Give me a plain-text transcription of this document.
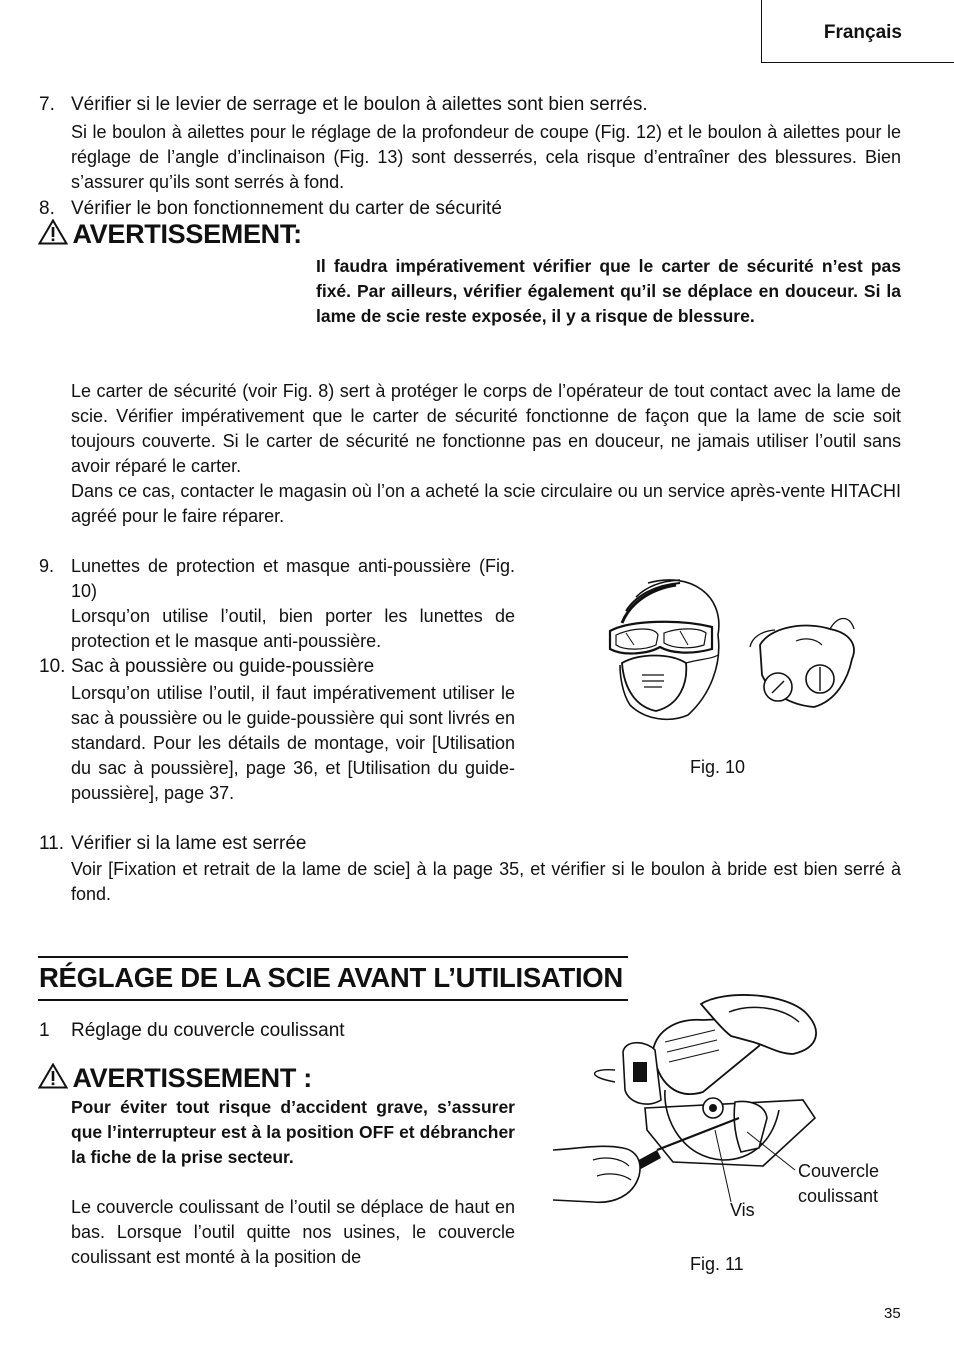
Français
7. Vérifier si le levier de serrage et le boulon à ailettes sont bien serrés.
Si le boulon à ailettes pour le réglage de la profondeur de coupe (Fig. 12) et le boulon à ailettes pour le réglage de l’angle d’inclinaison (Fig. 13) sont desserrés, cela risque d’entraîner des blessures. Bien s’assurer qu’ils sont serrés à fond.
8. Vérifier le bon fonctionnement du carter de sécurité
AVERTISSEMENT:
Il faudra impérativement vérifier que le carter de sécurité n’est pas fixé. Par ailleurs, vérifier également qu’il se déplace en douceur. Si la lame de scie reste exposée, il y a risque de blessure.
Le carter de sécurité (voir Fig. 8) sert à protéger le corps de l’opérateur de tout contact avec la lame de scie. Vérifier impérativement que le carter de sécurité fonctionne de façon que la lame de scie soit toujours couverte. Si le carter de sécurité ne fonctionne pas en douceur, ne jamais utiliser l’outil sans avoir réparé le carter.
Dans ce cas, contacter le magasin où l’on a acheté la scie circulaire ou un service après-vente HITACHI agréé pour le faire réparer.
9. Lunettes de protection et masque anti-poussière (Fig. 10)
Lorsqu’on utilise l’outil, bien porter les lunettes de protection et le masque anti-poussière.
10. Sac à poussière ou guide-poussière
Lorsqu’on utilise l’outil, il faut impérativement utiliser le sac à poussière ou le guide-poussière qui sont livrés en standard. Pour les détails de montage, voir [Utilisation du sac à poussière], page 36, et [Utilisation du guide-poussière], page 37.
11. Vérifier si la lame est serrée
Voir [Fixation et retrait de la lame de scie] à la page 35, et vérifier si le boulon à bride est bien serré à fond.
Fig. 10
RÉGLAGE DE LA SCIE AVANT L’UTILISATION
1 Réglage du couvercle coulissant
AVERTISSEMENT :
Pour éviter tout risque d’accident grave, s’assurer que l’interrupteur est à la position OFF et débrancher la fiche de la prise secteur.
Le couvercle coulissant de l’outil se déplace de haut en bas. Lorsque l’outil quitte nos usines, le couvercle coulissant est monté à la position de
Vis
Couvercle
coulissant
Fig. 11
35
